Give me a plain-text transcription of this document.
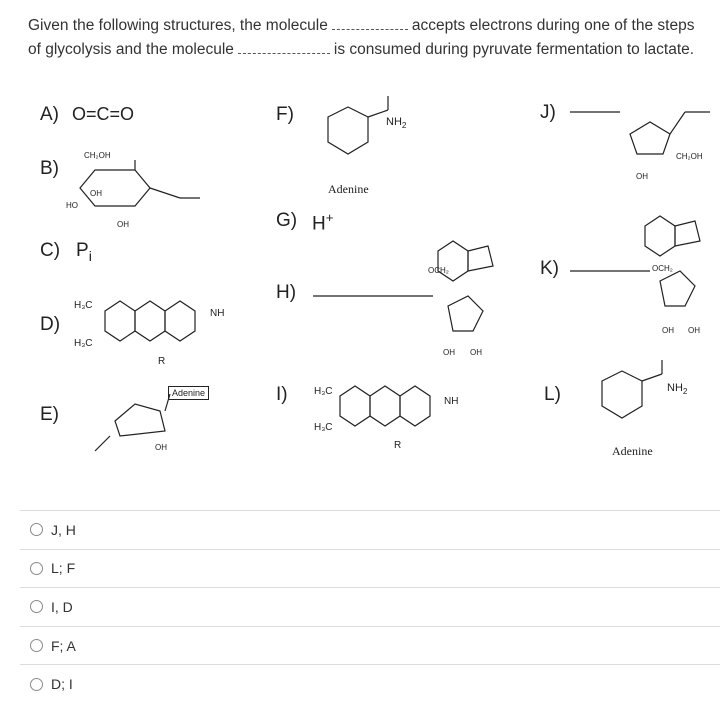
Given the following structures, the molecule	accepts electrons during one of the steps
of glycolysis and the molecule	is consumed during pyruvate fermentation to lactate.
A) O=C=O
B)
CH₂OH
HO
OH
OH
C) $P_i$
D)
H₃C
H₃C
NH
R
E)
Adenine
OH
F)	$NH_2$
Adenine
G) H+
H)
OCH₂
OH OH
I)	H₃C
H₃C
NH
R
J)
CH₂OH
OH
K)	OCH₂
OH OH
L)	$NH_2$
Adenine
J, H
L; F
I, D
F; A
D; I
